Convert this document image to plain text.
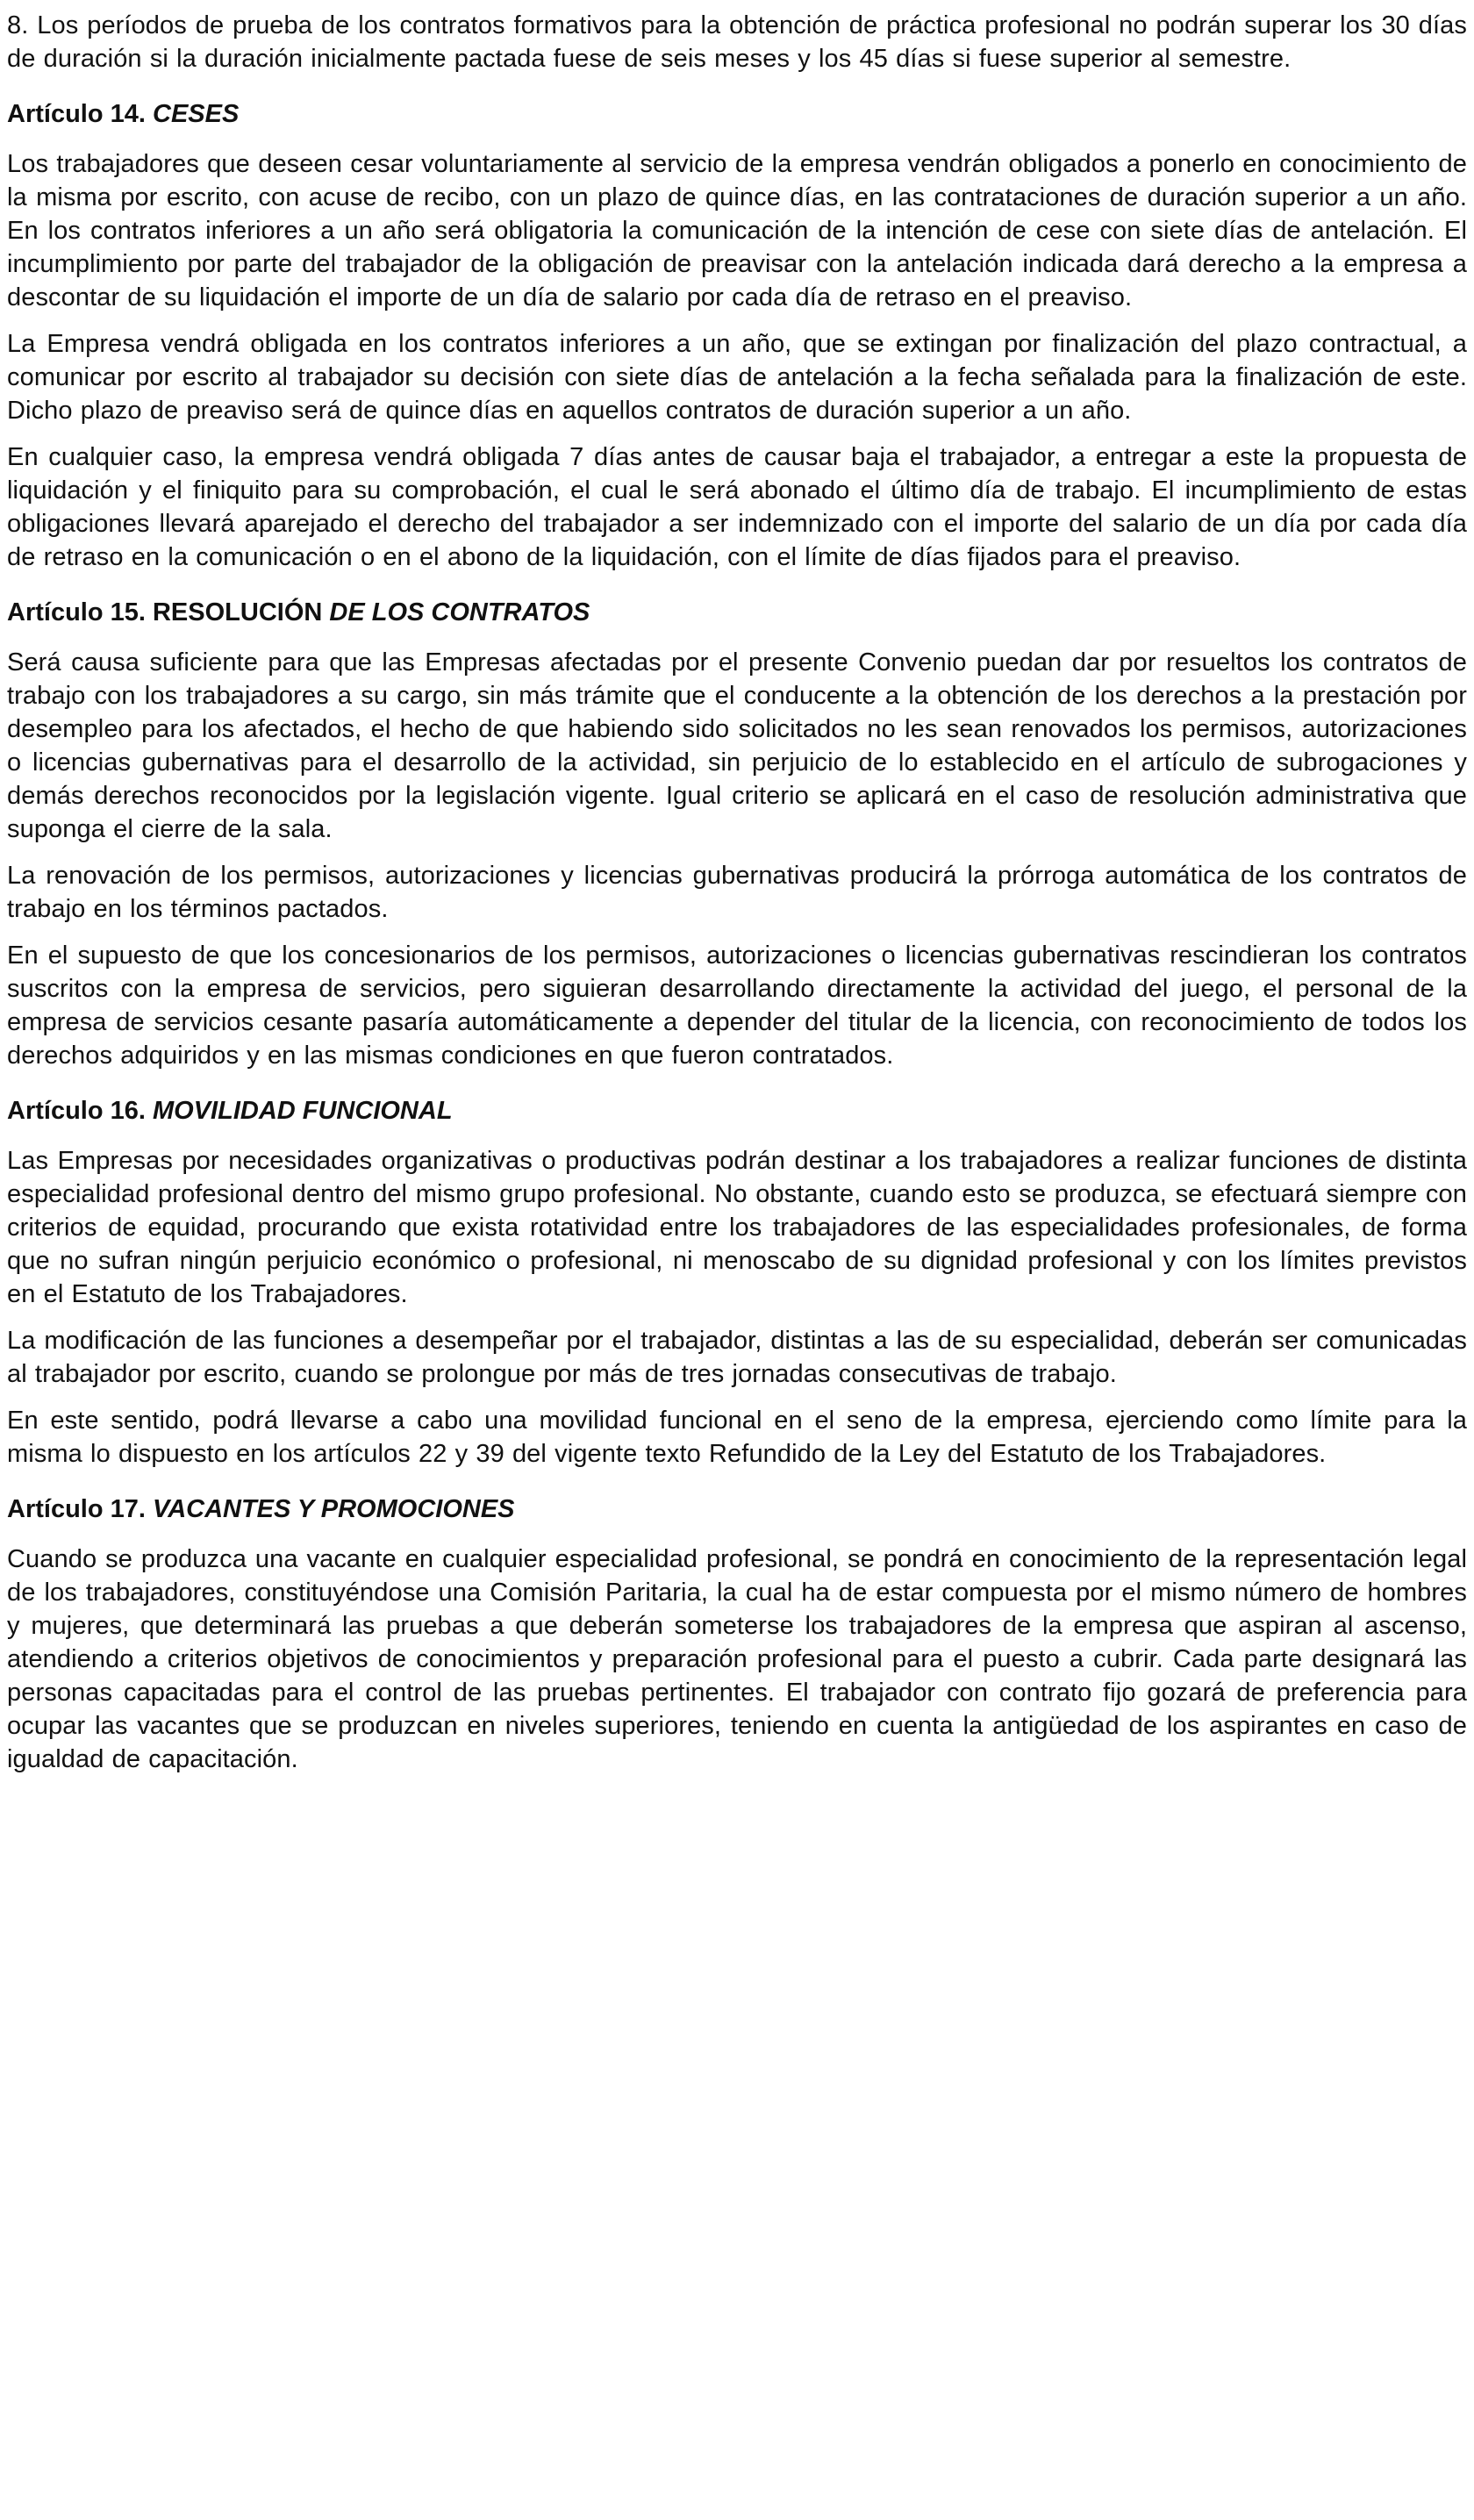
8. Los períodos de prueba de los contratos formativos para la obtención de práctica profesional no podrán superar los 30 días de duración si la duración inicialmente pactada fuese de seis meses y los 45 días si fuese superior al semestre.

Artículo 14. CESES

Los trabajadores que deseen cesar voluntariamente al servicio de la empresa vendrán obligados a ponerlo en conocimiento de la misma por escrito, con acuse de recibo, con un plazo de quince días, en las contrataciones de duración superior a un año. En los contratos inferiores a un año será obligatoria la comunicación de la intención de cese con siete días de antelación. El incumplimiento por parte del trabajador de la obligación de preavisar con la antelación indicada dará derecho a la empresa a descontar de su liquidación el importe de un día de salario por cada día de retraso en el preaviso.

La Empresa vendrá obligada en los contratos inferiores a un año, que se extingan por finalización del plazo contractual, a comunicar por escrito al trabajador su decisión con siete días de antelación a la fecha señalada para la finalización de este. Dicho plazo de preaviso será de quince días en aquellos contratos de duración superior a un año.

En cualquier caso, la empresa vendrá obligada 7 días antes de causar baja el trabajador, a entregar a este la propuesta de liquidación y el finiquito para su comprobación, el cual le será abonado el último día de trabajo. El incumplimiento de estas obligaciones llevará aparejado el derecho del trabajador a ser indemnizado con el importe del salario de un día por cada día de retraso en la comunicación o en el abono de la liquidación, con el límite de días fijados para el preaviso.

Artículo 15. RESOLUCIÓN DE LOS CONTRATOS

Será causa suficiente para que las Empresas afectadas por el presente Convenio puedan dar por resueltos los contratos de trabajo con los trabajadores a su cargo, sin más trámite que el conducente a la obtención de los derechos a la prestación por desempleo para los afectados, el hecho de que habiendo sido solicitados no les sean renovados los permisos, autorizaciones o licencias gubernativas para el desarrollo de la actividad, sin perjuicio de lo establecido en el artículo de subrogaciones y demás derechos reconocidos por la legislación vigente. Igual criterio se aplicará en el caso de resolución administrativa que suponga el cierre de la sala.

La renovación de los permisos, autorizaciones y licencias gubernativas producirá la prórroga automática de los contratos de trabajo en los términos pactados.

En el supuesto de que los concesionarios de los permisos, autorizaciones o licencias gubernativas rescindieran los contratos suscritos con la empresa de servicios, pero siguieran desarrollando directamente la actividad del juego, el personal de la empresa de servicios cesante pasaría automáticamente a depender del titular de la licencia, con reconocimiento de todos los derechos adquiridos y en las mismas condiciones en que fueron contratados.

Artículo 16. MOVILIDAD FUNCIONAL

Las Empresas por necesidades organizativas o productivas podrán destinar a los trabajadores a realizar funciones de distinta especialidad profesional dentro del mismo grupo profesional. No obstante, cuando esto se produzca, se efectuará siempre con criterios de equidad, procurando que exista rotatividad entre los trabajadores de las especialidades profesionales, de forma que no sufran ningún perjuicio económico o profesional, ni menoscabo de su dignidad profesional y con los límites previstos en el Estatuto de los Trabajadores.

La modificación de las funciones a desempeñar por el trabajador, distintas a las de su especialidad, deberán ser comunicadas al trabajador por escrito, cuando se prolongue por más de tres jornadas consecutivas de trabajo.

En este sentido, podrá llevarse a cabo una movilidad funcional en el seno de la empresa, ejerciendo como límite para la misma lo dispuesto en los artículos 22 y 39 del vigente texto Refundido de la Ley del Estatuto de los Trabajadores.

Artículo 17. VACANTES Y PROMOCIONES

Cuando se produzca una vacante en cualquier especialidad profesional, se pondrá en conocimiento de la representación legal de los trabajadores, constituyéndose una Comisión Paritaria, la cual ha de estar compuesta por el mismo número de hombres y mujeres, que determinará las pruebas a que deberán someterse los trabajadores de la empresa que aspiran al ascenso, atendiendo a criterios objetivos de conocimientos y preparación profesional para el puesto a cubrir. Cada parte designará las personas capacitadas para el control de las pruebas pertinentes. El trabajador con contrato fijo gozará de preferencia para ocupar las vacantes que se produzcan en niveles superiores, teniendo en cuenta la antigüedad de los aspirantes en caso de igualdad de capacitación.
